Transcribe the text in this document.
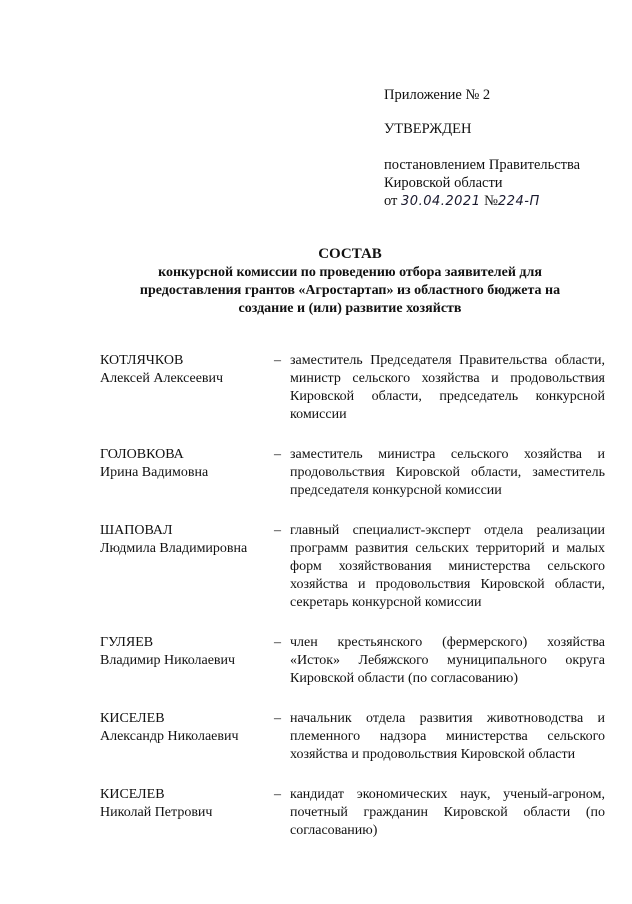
Приложение № 2
УТВЕРЖДЕН
постановлением Правительства
Кировской области
от 30.04.2021 №224-П
СОСТАВ
конкурсной комиссии по проведению отбора заявителей для
предоставления грантов «Агростартап» из областного бюджета на
создание и (или) развитие хозяйств
КОТЛЯЧКОВ
Алексей Алексеевич
– заместитель Председателя Правительства области, министр сельского хозяйства и продовольствия Кировской области, председатель конкурсной комиссии
ГОЛОВКОВА
Ирина Вадимовна
– заместитель министра сельского хозяйства и продовольствия Кировской области, заместитель председателя конкурсной комиссии
ШАПОВАЛ
Людмила Владимировна
– главный специалист-эксперт отдела реализации программ развития сельских территорий и малых форм хозяйствования министерства сельского хозяйства и продовольствия Кировской области, секретарь конкурсной комиссии
ГУЛЯЕВ
Владимир Николаевич
– член крестьянского (фермерского) хозяйства «Исток» Лебяжского муниципального округа Кировской области (по согласованию)
КИСЕЛЕВ
Александр Николаевич
– начальник отдела развития животноводства и племенного надзора министерства сельского хозяйства и продовольствия Кировской области
КИСЕЛЕВ
Николай Петрович
– кандидат экономических наук, ученый-агроном, почетный гражданин Кировской области (по согласованию)
